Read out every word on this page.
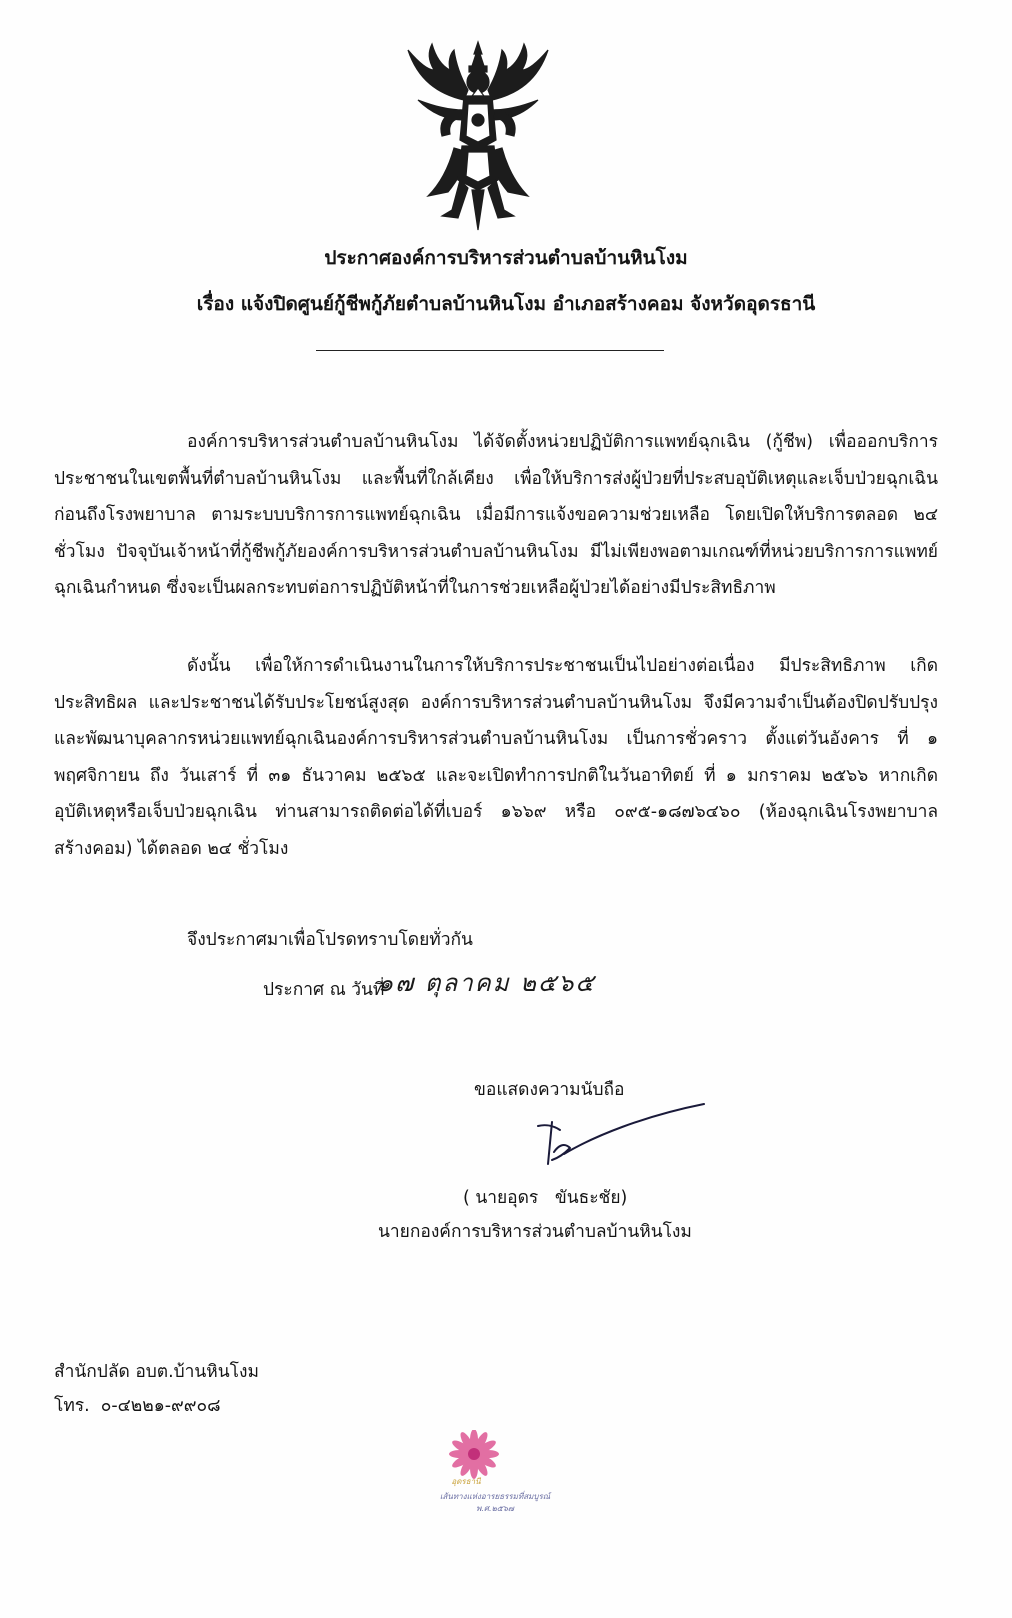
ประกาศองค์การบริหารส่วนตำบลบ้านหินโงม
เรื่อง แจ้งปิดศูนย์กู้ชีพกู้ภัยตำบลบ้านหินโงม อำเภอสร้างคอม จังหวัดอุดรธานี
องค์การบริหารส่วนตำบลบ้านหินโงม ได้จัดตั้งหน่วยปฏิบัติการแพทย์ฉุกเฉิน (กู้ชีพ) เพื่อออกบริการประชาชนในเขตพื้นที่ตำบลบ้านหินโงม และพื้นที่ใกล้เคียง เพื่อให้บริการส่งผู้ป่วยที่ประสบอุบัติเหตุและเจ็บป่วยฉุกเฉินก่อนถึงโรงพยาบาล ตามระบบบริการการแพทย์ฉุกเฉิน เมื่อมีการแจ้งขอความช่วยเหลือ โดยเปิดให้บริการตลอด ๒๔ ชั่วโมง ปัจจุบันเจ้าหน้าที่กู้ชีพกู้ภัยองค์การบริหารส่วนตำบลบ้านหินโงม มีไม่เพียงพอตามเกณฑ์ที่หน่วยบริการการแพทย์ฉุกเฉินกำหนด ซึ่งจะเป็นผลกระทบต่อการปฏิบัติหน้าที่ในการช่วยเหลือผู้ป่วยได้อย่างมีประสิทธิภาพ
ดังนั้น เพื่อให้การดำเนินงานในการให้บริการประชาชนเป็นไปอย่างต่อเนื่อง มีประสิทธิภาพ เกิดประสิทธิผล และประชาชนได้รับประโยชน์สูงสุด องค์การบริหารส่วนตำบลบ้านหินโงม จึงมีความจำเป็นต้องปิดปรับปรุงและพัฒนาบุคลากรหน่วยแพทย์ฉุกเฉินองค์การบริหารส่วนตำบลบ้านหินโงม เป็นการชั่วคราว ตั้งแต่วันอังคาร ที่ ๑ พฤศจิกายน ถึง วันเสาร์ ที่ ๓๑ ธันวาคม ๒๕๖๕ และจะเปิดทำการปกติในวันอาทิตย์ ที่ ๑ มกราคม ๒๕๖๖ หากเกิดอุบัติเหตุหรือเจ็บป่วยฉุกเฉิน ท่านสามารถติดต่อได้ที่เบอร์ ๑๖๖๙ หรือ ๐๙๕-๑๘๗๖๔๖๐ (ห้องฉุกเฉินโรงพยาบาลสร้างคอม) ได้ตลอด ๒๔ ชั่วโมง
จึงประกาศมาเพื่อโปรดทราบโดยทั่วกัน
ประกาศ ณ วันที่
๑๗ ตุลาคม ๒๕๖๕
ขอแสดงความนับถือ
( นายอุดร   ขันธะชัย)
นายกองค์การบริหารส่วนตำบลบ้านหินโงม
สำนักปลัด อบต.บ้านหินโงม
โทร.  ๐-๔๒๒๑-๙๙๐๘
อุดรธานี
เส้นทางแห่งอารยธรรมที่สมบูรณ์
พ.ศ.๒๕๖๗
